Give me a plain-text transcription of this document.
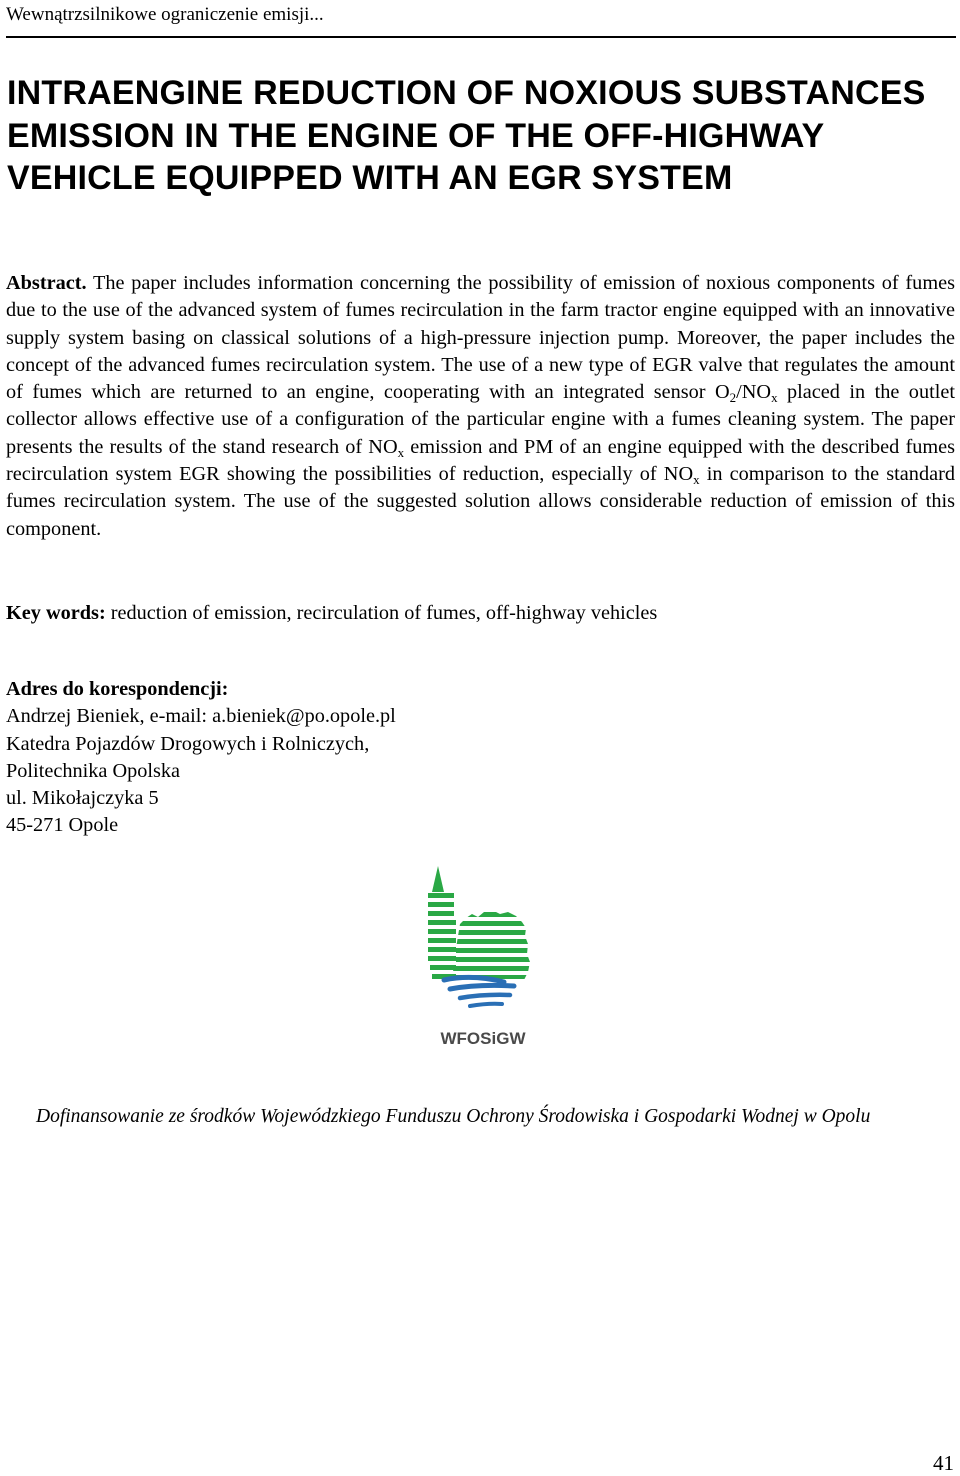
Wewnątrzsilnikowe ograniczenie emisji...
INTRAENGINE REDUCTION OF NOXIOUS SUBSTANCES EMISSION IN THE ENGINE OF THE OFF-HIGHWAY VEHICLE EQUIPPED WITH AN EGR SYSTEM

Abstract. The paper includes information concerning the possibility of emission of noxious components of fumes due to the use of the advanced system of fumes recirculation in the farm tractor engine equipped with an innovative supply system basing on classical solutions of a high-pressure injection pump. Moreover, the paper includes the concept of the advanced fumes recirculation system. The use of a new type of EGR valve that regulates the amount of fumes which are returned to an engine, cooperating with an integrated sensor $O_2/NO_x$ placed in the outlet collector allows effective use of a configuration of the particular engine with a fumes cleaning system. The paper presents the results of the stand research of $NO_x$ emission and PM of an engine equipped with the described fumes recirculation system EGR showing the possibilities of reduction, especially of $NO_x$ in comparison to the standard fumes recirculation system. The use of the suggested solution allows considerable reduction of emission of this component.

Key words: reduction of emission, recirculation of fumes, off-highway vehicles
Adres do korespondencji:
Andrzej Bieniek, e-mail: a.bieniek@po.opole.pl
Katedra Pojazdów Drogowych i Rolniczych,
Politechnika Opolska
ul. Mikołajczyka 5
45-271 Opole
WFOSiGW
Dofinansowanie ze środków Wojewódzkiego Funduszu Ochrony Środowiska i Gospodarki Wodnej w Opolu
41
